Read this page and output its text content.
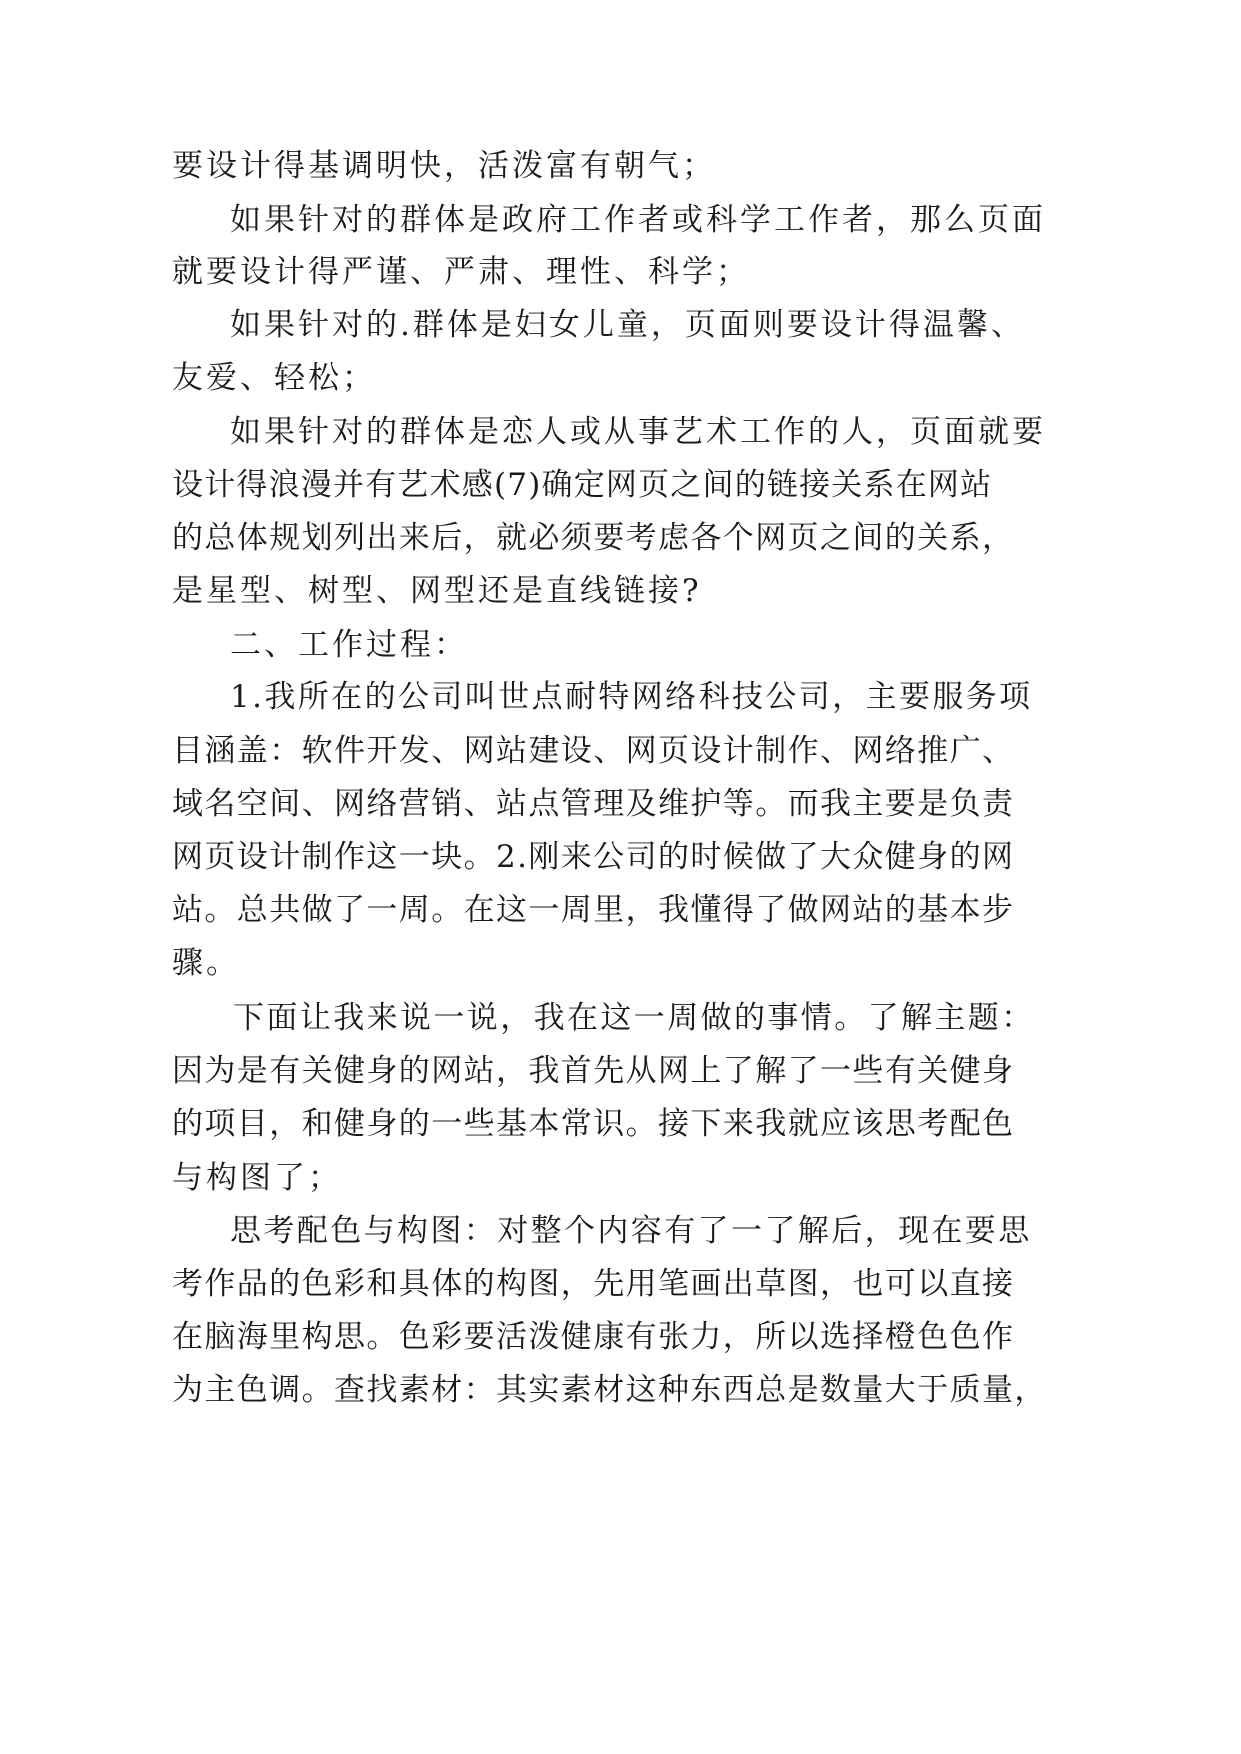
要设计得基调明快，活泼富有朝气；
如果针对的群体是政府工作者或科学工作者，那么页面
就要设计得严谨、严肃、理性、科学；
如果针对的.群体是妇女儿童，页面则要设计得温馨、
友爱、轻松；
如果针对的群体是恋人或从事艺术工作的人，页面就要
设计得浪漫并有艺术感(7)确定网页之间的链接关系在网站
的总体规划列出来后，就必须要考虑各个网页之间的关系，
是星型、树型、网型还是直线链接?
二、工作过程：
1.我所在的公司叫世点耐特网络科技公司，主要服务项
目涵盖：软件开发、网站建设、网页设计制作、网络推广、
域名空间、网络营销、站点管理及维护等。而我主要是负责
网页设计制作这一块。2.刚来公司的时候做了大众健身的网
站。总共做了一周。在这一周里，我懂得了做网站的基本步
骤。
下面让我来说一说，我在这一周做的事情。了解主题：
因为是有关健身的网站，我首先从网上了解了一些有关健身
的项目，和健身的一些基本常识。接下来我就应该思考配色
与构图了；
思考配色与构图：对整个内容有了一了解后，现在要思
考作品的色彩和具体的构图，先用笔画出草图，也可以直接
在脑海里构思。色彩要活泼健康有张力，所以选择橙色色作
为主色调。查找素材：其实素材这种东西总是数量大于质量，
